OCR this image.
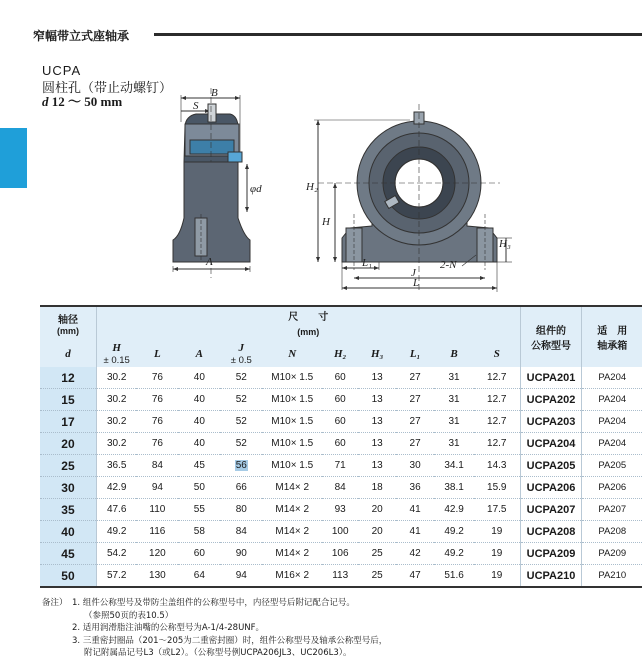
窄幅带立式座轴承
UCPA
圆柱孔（带止动螺钉）
d 12 ～ 50 mm
B
S
φd
A
H₂
H
H₃
L₁	2-N
J
L
轴径
(mm)	尺　　寸										组件的
公称型号	适　用
轴承箱
	(mm)											
d	H
± 0.15	L	A	J
± 0.5	N	H₂	H₃	L₁	B	S		
12	30.2	76	40	52	M10× 1.5	60	13	27	31	12.7	UCPA201	PA204
15	30.2	76	40	52	M10× 1.5	60	13	27	31	12.7	UCPA202	PA204
17	30.2	76	40	52	M10× 1.5	60	13	27	31	12.7	UCPA203	PA204
20	30.2	76	40	52	M10× 1.5	60	13	27	31	12.7	UCPA204	PA204
25	36.5	84	45	56	M10× 1.5	71	13	30	34.1	14.3	UCPA205	PA205
30	42.9	94	50	66	M14× 2	84	18	36	38.1	15.9	UCPA206	PA206
35	47.6	110	55	80	M14× 2	93	20	41	42.9	17.5	UCPA207	PA207
40	49.2	116	58	84	M14× 2	100	20	41	49.2	19	UCPA208	PA208
45	54.2	120	60	90	M14× 2	106	25	42	49.2	19	UCPA209	PA209
50	57.2	130	64	94	M16× 2	113	25	47	51.6	19	UCPA210	PA210
备注） 1. 组件公称型号及带防尘盖组件的公称型号中，内径型号后附记配合记号。
（参照50页的表10.5）
2. 适用润滑脂注油嘴的公称型号为A-1/4-28UNF。
3. 三重密封圈品（201～205为二重密封圈）时，组件公称型号及轴承公称型号后，
附记附属品记号L3（或L2）。（公称型号例UCPA206JL3、UC206L3）。
